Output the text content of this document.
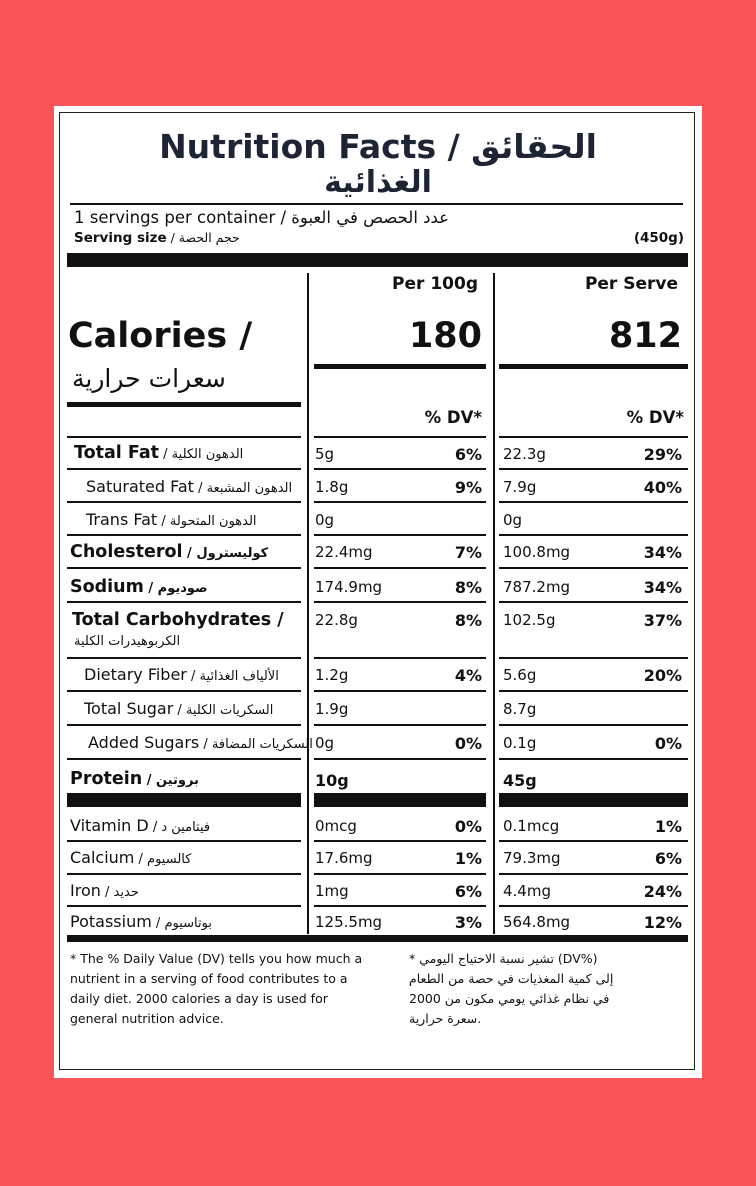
Nutrition Facts / الحقائق
الغذائية
1 servings per container / عدد الحصص في العبوة
Serving size / حجم الحصة	(450g)
Per 100g	Per Serve
Calories /
سعرات حرارية
180	812
% DV*	% DV*
Total Fat / الدهون الكلية	5g	6% 22.3g	29%
Saturated Fat / الدهون المشبعة 1.8g	9% 7.9g	40%
Trans Fat / الدهون المتحولة	0g	0g
Cholesterol / كوليسترول	22.4mg	7% 100.8mg	34%
Sodium / صوديوم	174.9mg	8% 787.2mg	34%
Total Carbohydrates /
الكربوهيدرات الكلية
22.8g	8% 102.5g	37%
Dietary Fiber / الألياف الغذائية 1.2g	4% 5.6g	20%
Total Sugar / السكريات الكلية	1.9g	8.7g
Added Sugars / السكريات المضافة 0g	0% 0.1g	0%
Protein / بروتين	10g	45g
Vitamin D / فيتامين د	0mcg	0% 0.1mcg	1%
Calcium / كالسيوم	17.6mg	1% 79.3mg	6%
Iron / حديد	1mg	6% 4.4mg	24%
Potassium / بوتاسيوم	125.5mg	3% 564.8mg	12%
* The % Daily Value (DV) tells you how much a nutrient in a serving of food contributes to a daily diet. 2000 calories a day is used for general nutrition advice.
* تشير نسبة الاحتياج اليومي (DV%) إلى كمية المغذيات في حصة من الطعام في نظام غذائي يومي مكون من 2000 سعرة حرارية.
